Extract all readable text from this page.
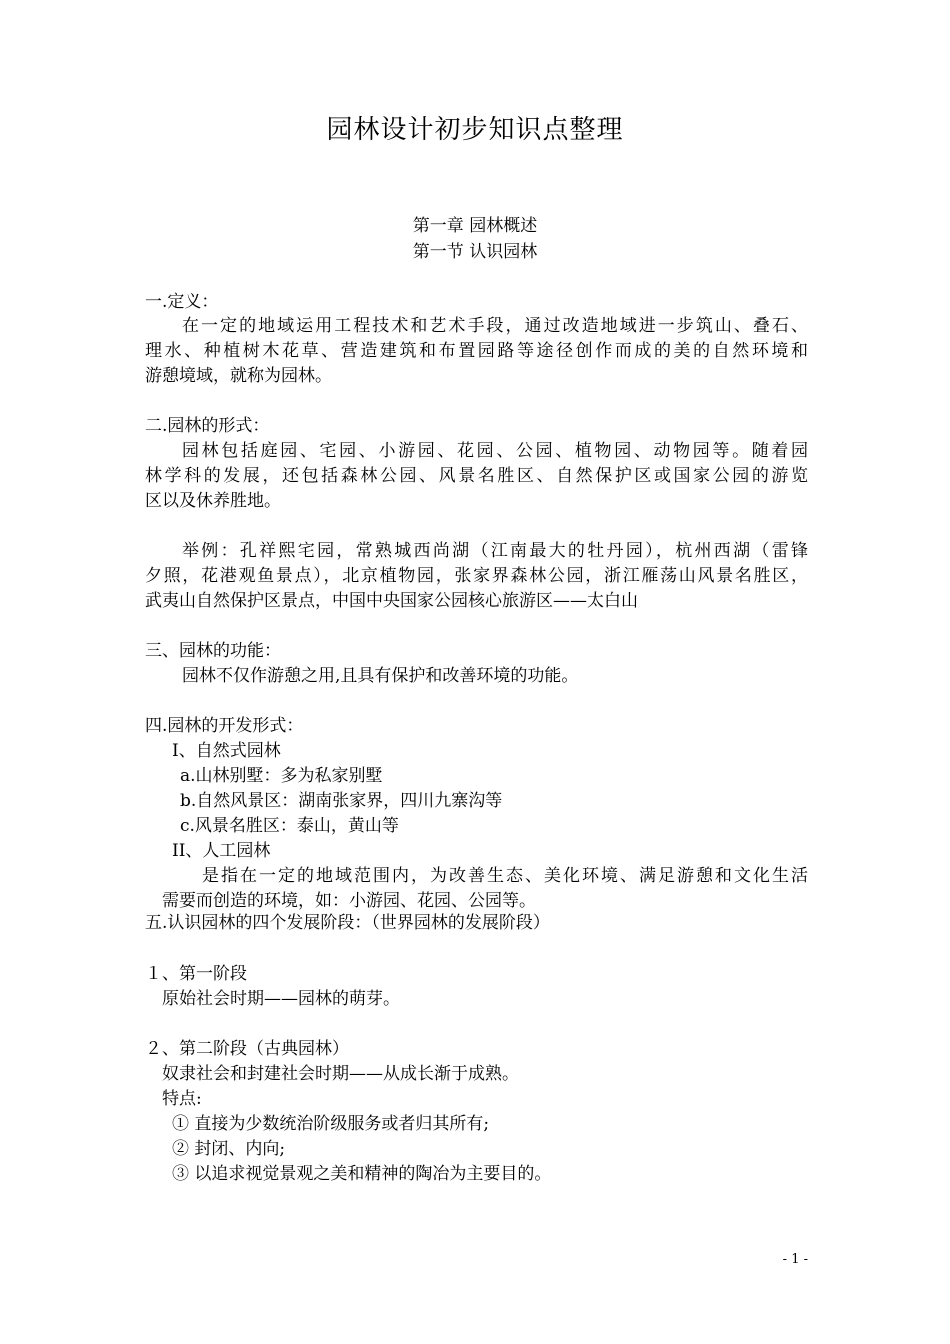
园林设计初步知识点整理
第一章 园林概述
第一节 认识园林
一.定义：
在一定的地域运用工程技术和艺术手段，通过改造地域进一步筑山、叠石、
理水、种植树木花草、营造建筑和布置园路等途径创作而成的美的自然环境和
游憩境域，就称为园林。
二.园林的形式：
园林包括庭园、宅园、小游园、花园、公园、植物园、动物园等。随着园
林学科的发展，还包括森林公园、风景名胜区、自然保护区或国家公园的游览
区以及休养胜地。
举例：孔祥熙宅园，常熟城西尚湖（江南最大的牡丹园），杭州西湖（雷锋
夕照，花港观鱼景点），北京植物园，张家界森林公园，浙江雁荡山风景名胜区，
武夷山自然保护区景点，中国中央国家公园核心旅游区——太白山
三、园林的功能：
园林不仅作游憩之用,且具有保护和改善环境的功能。
四.园林的开发形式：
I、自然式园林
a.山林别墅：多为私家别墅
b.自然风景区：湖南张家界，四川九寨沟等
c.风景名胜区：泰山，黄山等
II、人工园林
是指在一定的地域范围内，为改善生态、美化环境、满足游憩和文化生活
需要而创造的环境，如：小游园、花园、公园等。
五.认识园林的四个发展阶段：（世界园林的发展阶段）
１、第一阶段
原始社会时期——园林的萌芽。
２、第二阶段（古典园林）
奴隶社会和封建社会时期——从成长渐于成熟。
特点:
① 直接为少数统治阶级服务或者归其所有;
② 封闭、内向;
③ 以追求视觉景观之美和精神的陶冶为主要目的。
- 1 -
